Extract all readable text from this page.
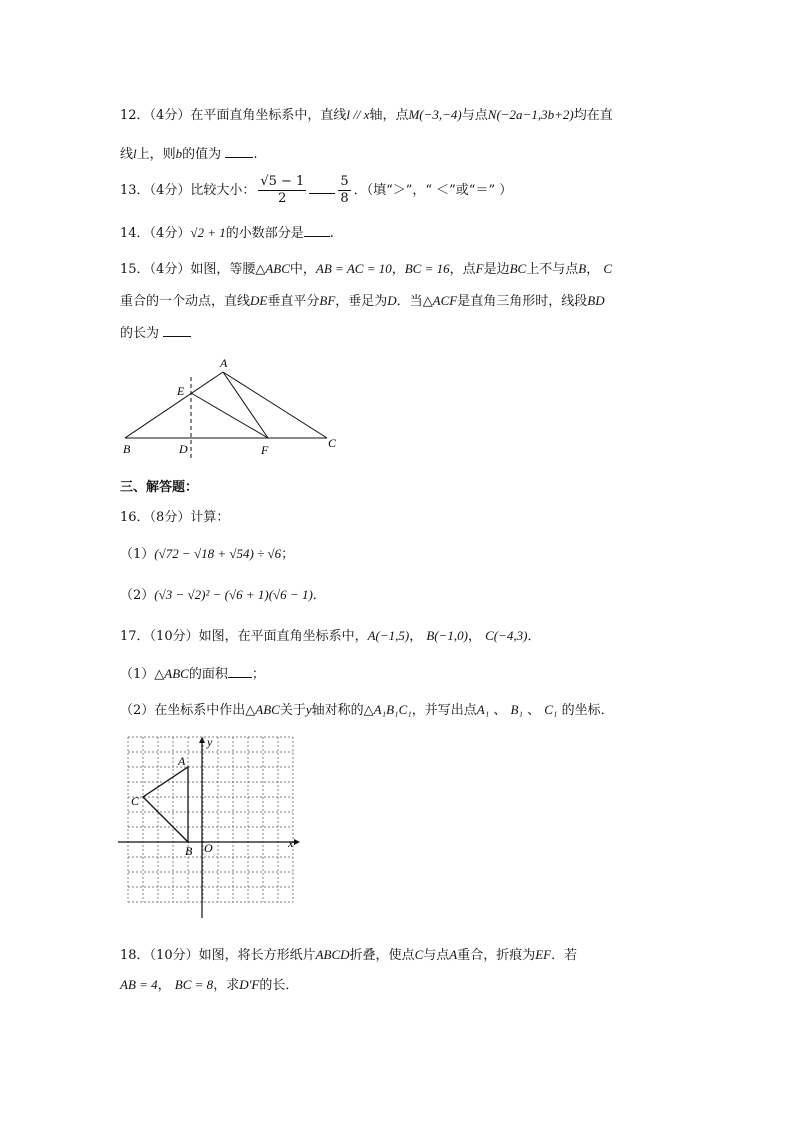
12．（4分）在平面直角坐标系中，直线l // x轴，点M(−3,−4)与点N(−2a−1,3b+2)均在直
线l上，则b的值为 .
13．（4分）比较大小： $\frac{√5 - 1}{2} \frac{5}{8}$ ．（填“＞”，“ ＜”或“＝” ）
14．（4分）√2 + 1的小数部分是 .
15．（4分）如图，等腰△ABC中，AB = AC = 10，BC = 16，点F是边BC上不与点B， C
重合的一个动点，直线DE垂直平分BF，垂足为D．当△ACF是直角三角形时，线段BD
的长为
A
E
B	D	F	C
三、解答题：
16．（8分）计算：
（1）(√72 − √18 + √54) ÷ √6；
（2）(√3 − √2)² − (√6 + 1)(√6 − 1)．
17．（10分）如图，在平面直角坐标系中，A(−1,5)， B(−1,0)， C(−4,3)．
（1）△ABC的面积 ；
（2）在坐标系中作出△ABC关于y轴对称的△A₁B₁C₁，并写出点A₁ 、 B₁ 、 C₁ 的坐标．
y
x
A
C
B O
18．（10分）如图，将长方形纸片ABCD折叠，使点C与点A重合，折痕为EF．若
AB = 4， BC = 8，求D′F的长．
